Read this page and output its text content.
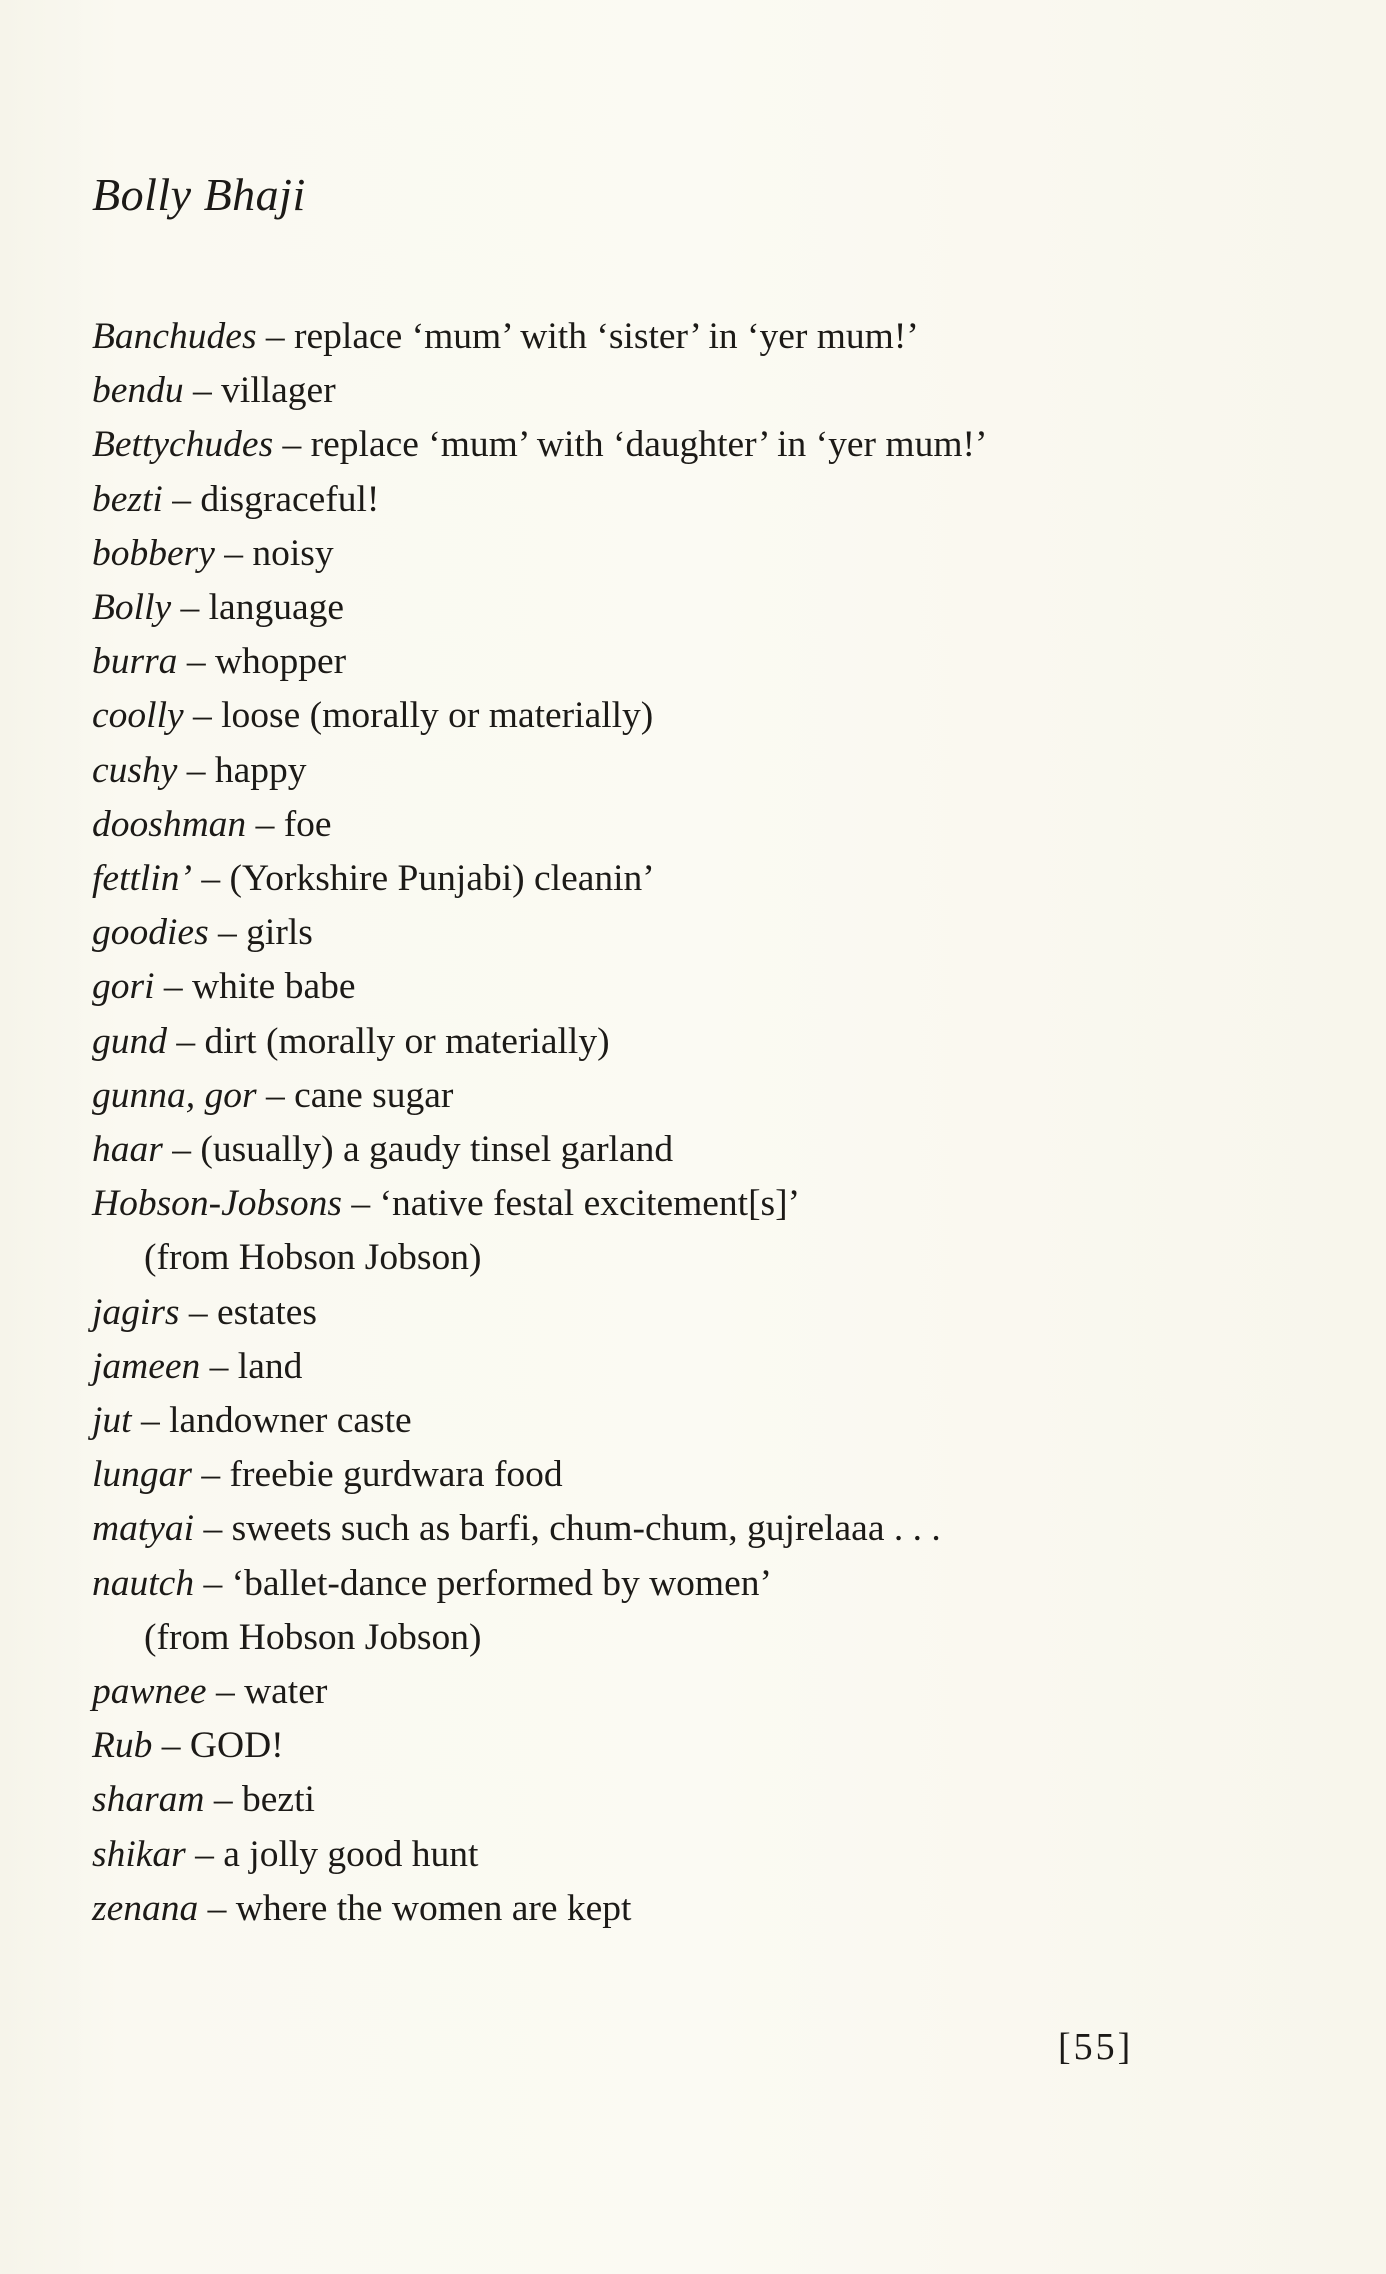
Bolly Bhaji
Banchudes – replace ‘mum’ with ‘sister’ in ‘yer mum!’
bendu – villager
Bettychudes – replace ‘mum’ with ‘daughter’ in ‘yer mum!’
bezti – disgraceful!
bobbery – noisy
Bolly – language
burra – whopper
coolly – loose (morally or materially)
cushy – happy
dooshman – foe
fettlin’ – (Yorkshire Punjabi) cleanin’
goodies – girls
gori – white babe
gund – dirt (morally or materially)
gunna, gor – cane sugar
haar – (usually) a gaudy tinsel garland
Hobson-Jobsons – ‘native festal excitement[s]’
(from Hobson Jobson)
jagirs – estates
jameen – land
jut – landowner caste
lungar – freebie gurdwara food
matyai – sweets such as barfi, chum-chum, gujrelaaa . . .
nautch – ‘ballet-dance performed by women’
(from Hobson Jobson)
pawnee – water
Rub – GOD!
sharam – bezti
shikar – a jolly good hunt
zenana – where the women are kept
[55]
